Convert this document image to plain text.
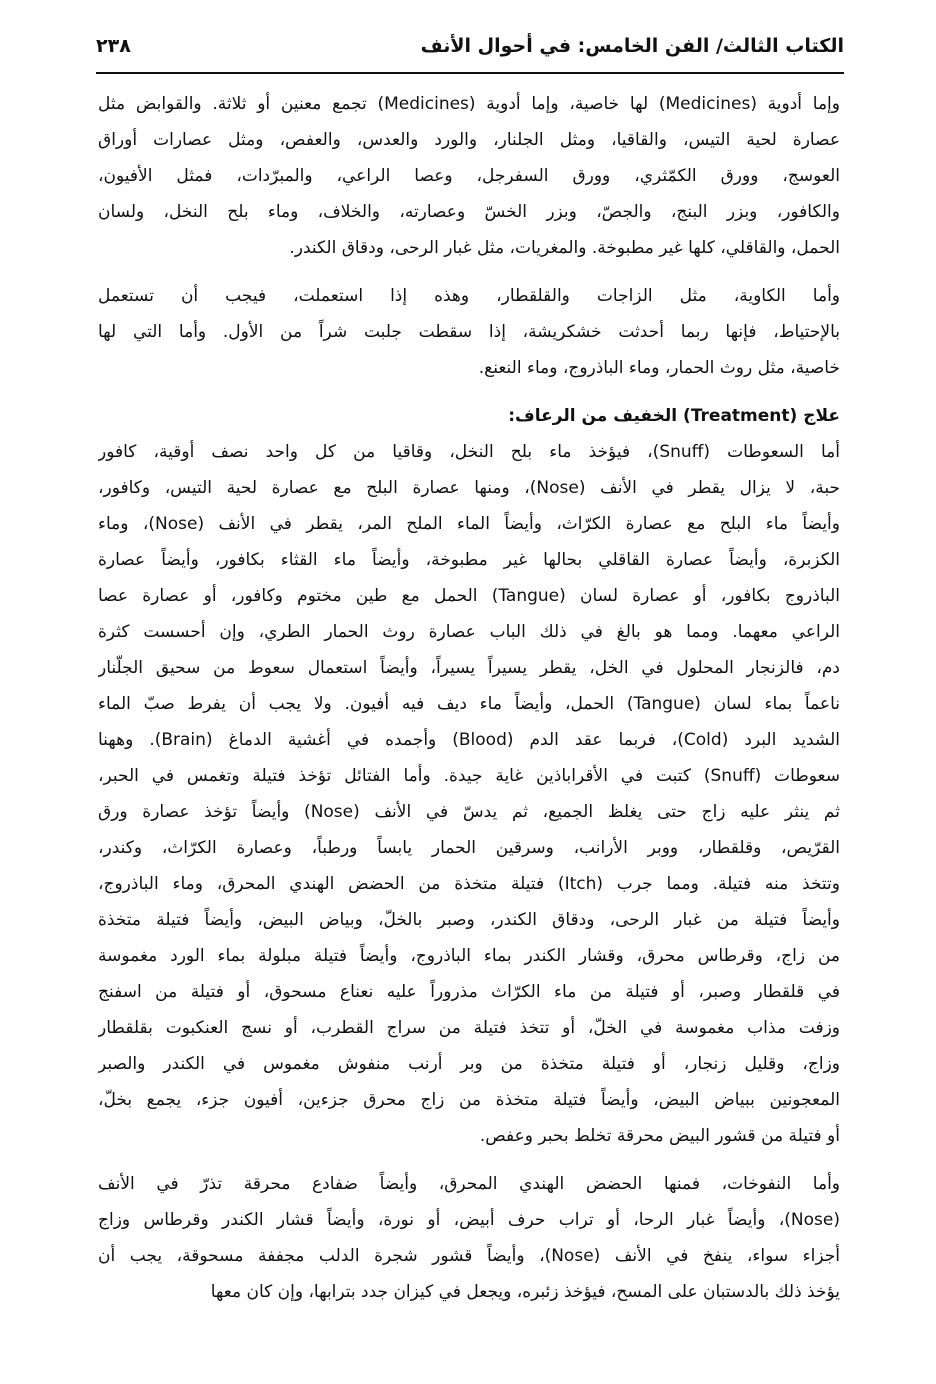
الكتاب الثالث/ الفن الخامس: في أحوال الأنف
٢٣٨
وإما أدوية (Medicines) لها خاصية، وإما أدوية (Medicines) تجمع معنين أو ثلاثة. والقوابض مثل
عصارة لحية التيس، والقاقيا، ومثل الجلنار، والورد والعدس، والعفص، ومثل عصارات أوراق
العوسج، وورق الكمّثري، وورق السفرجل، وعصا الراعي، والمبرّدات، فمثل الأفيون،
والكافور، وبزر البنج، والجصّ، وبزر الخسّ وعصارته، والخلاف، وماء بلح النخل، ولسان
الحمل، والقاقلي، كلها غير مطبوخة. والمغريات، مثل غبار الرحى، ودقاق الكندر.
وأما الكاوية، مثل الزاجات والقلقطار، وهذه إذا استعملت، فيجب أن تستعمل
بالإحتياط، فإنها ربما أحدثت خشكريشة، إذا سقطت جلبت شراً من الأول. وأما التي لها
خاصية، مثل روث الحمار، وماء الباذروج، وماء النعنع.
علاج (Treatment) الخفيف من الرعاف:
أما السعوطات (Snuff)، فيؤخذ ماء بلح النخل، وقاقيا من كل واحد نصف أوقية، كافور
حبة، لا يزال يقطر في الأنف (Nose)، ومنها عصارة البلح مع عصارة لحية التيس، وكافور،
وأيضاً ماء البلح مع عصارة الكرّاث، وأيضاً الماء الملح المر، يقطر في الأنف (Nose)، وماء
الكزبرة، وأيضاً عصارة القاقلي بحالها غير مطبوخة، وأيضاً ماء القثاء بكافور، وأيضاً عصارة
الباذروج بكافور، أو عصارة لسان (Tangue) الحمل مع طين مختوم وكافور، أو عصارة عصا
الراعي معهما. ومما هو بالغ في ذلك الباب عصارة روث الحمار الطري، وإن أحسست كثرة
دم، فالزنجار المحلول في الخل، يقطر يسيراً يسيراً، وأيضاً استعمال سعوط من سحيق الجلّنار
ناعماً بماء لسان (Tangue) الحمل، وأيضاً ماء ديف فيه أفيون. ولا يجب أن يفرط صبّ الماء
الشديد البرد (Cold)، فربما عقد الدم (Blood) وأجمده في أغشية الدماغ (Brain). وههنا
سعوطات (Snuff) كتبت في الأقراباذين غاية جيدة. وأما الفتائل تؤخذ فتيلة وتغمس في الحبر،
ثم ينثر عليه زاج حتى يغلظ الجميع، ثم يدسّ في الأنف (Nose) وأيضاً تؤخذ عصارة ورق
القرّيص، وقلقطار، ووبر الأرانب، وسرقين الحمار يابساً ورطباً، وعصارة الكرّاث، وكندر،
وتتخذ منه فتيلة. ومما جرب (Itch) فتيلة متخذة من الحضض الهندي المحرق، وماء الباذروج،
وأيضاً فتيلة من غبار الرحى، ودقاق الكندر، وصبر بالخلّ، وبياض البيض، وأيضاً فتيلة متخذة
من زاج، وقرطاس محرق، وقشار الكندر بماء الباذروج، وأيضاً فتيلة مبلولة بماء الورد مغموسة
في قلقطار وصبر، أو فتيلة من ماء الكرّاث مذروراً عليه نعناع مسحوق، أو فتيلة من اسفنج
وزفت مذاب مغموسة في الخلّ، أو تتخذ فتيلة من سراج القطرب، أو نسج العنكبوت بقلقطار
وزاج، وقليل زنجار، أو فتيلة متخذة من وبر أرنب منفوش مغموس في الكندر والصبر
المعجونين ببياض البيض، وأيضاً فتيلة متخذة من زاج محرق جزءين، أفيون جزء، يجمع بخلّ،
أو فتيلة من قشور البيض محرقة تخلط بحبر وعفص.
وأما النفوخات، فمنها الحضض الهندي المحرق، وأيضاً ضفادع محرقة تذرّ في الأنف
(Nose)، وأيضاً غبار الرحا، أو تراب حرف أبيض، أو نورة، وأيضاً قشار الكندر وقرطاس وزاج
أجزاء سواء، ينفخ في الأنف (Nose)، وأيضاً قشور شجرة الدلب مجففة مسحوقة، يجب أن
يؤخذ ذلك بالدستبان على المسح، فيؤخذ زئبره، ويجعل في كيزان جدد بترابها، وإن كان معها
